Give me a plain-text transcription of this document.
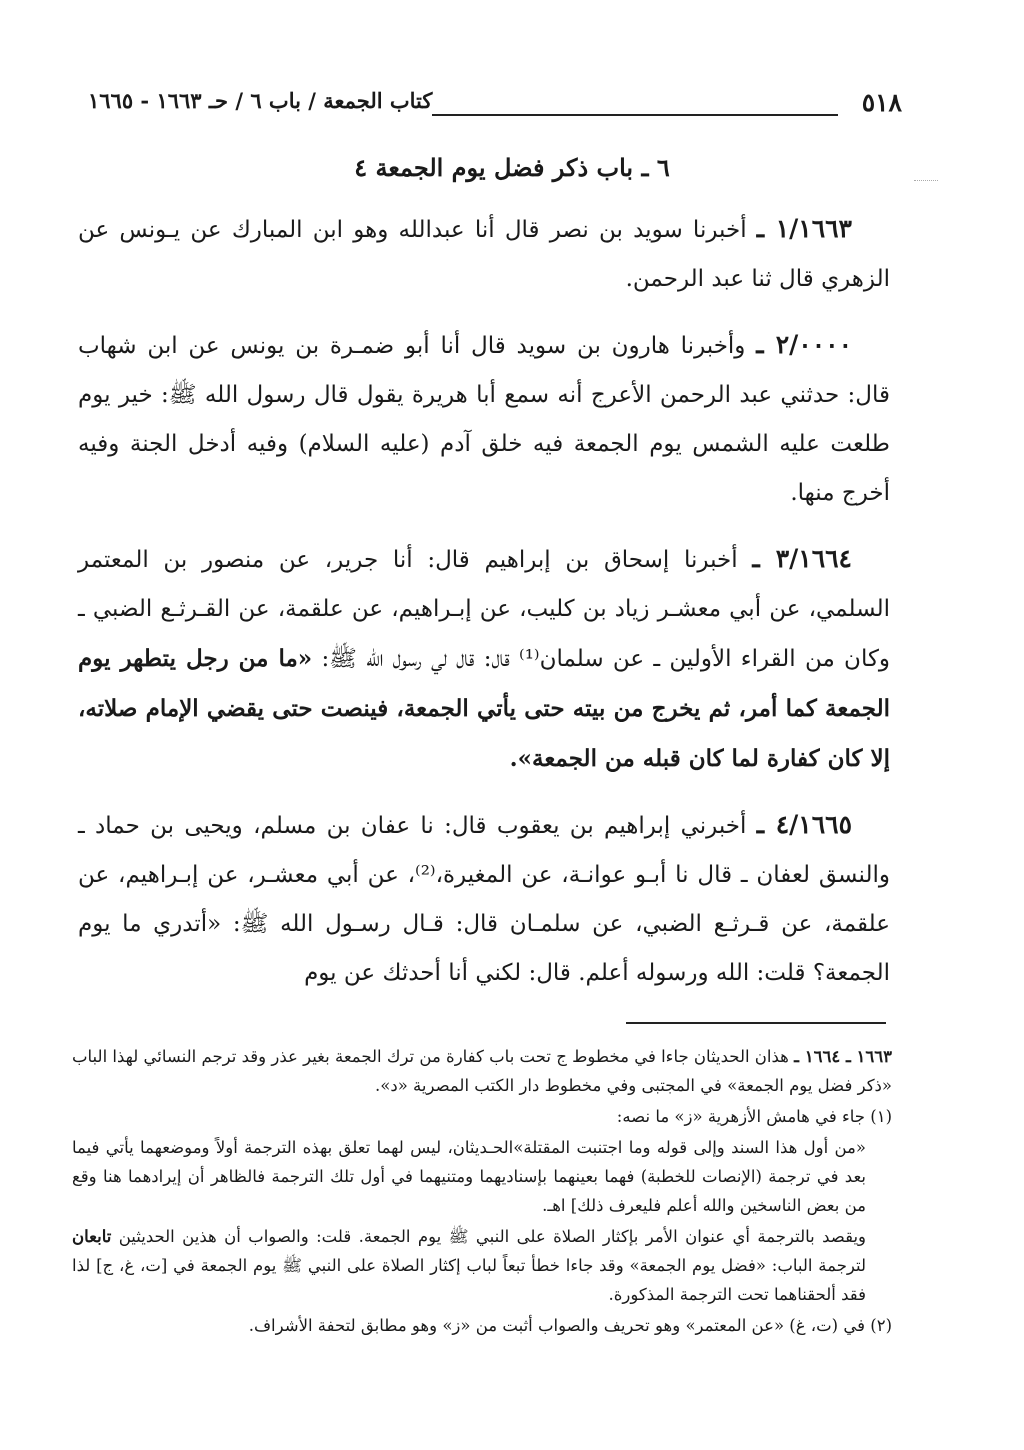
٥١٨
كتاب الجمعة / باب ٦ / حـ ١٦٦٣ - ١٦٦٥
٦ ـ باب ذكر فضل يوم الجمعة ٤

١/١٦٦٣ ـ أخبرنا سويد بن نصر قال أنا عبدالله وهو ابن المبارك عن يـونس عن الزهري قال ثنا عبد الرحمن.

٢/٠٠٠٠ ـ وأخبرنا هارون بن سويد قال أنا أبو ضمـرة بن يونس عن ابن شهاب قال: حدثني عبد الرحمن الأعرج أنه سمع أبا هريرة يقول قال رسول الله ﷺ: خير يوم طلعت عليه الشمس يوم الجمعة فيه خلق آدم (عليه السلام) وفيه أدخل الجنة وفيه أخرج منها.

٣/١٦٦٤ ـ أخبرنا إسحاق بن إبراهيم قال: أنا جرير، عن منصور بن المعتمر السلمي، عن أبي معشـر زياد بن كليب، عن إبـراهيم، عن علقمة، عن القـرثـع الضبي ـ وكان من القراء الأولين ـ عن سلمان⁽¹⁾ قال: قال لي رسول الله ﷺ: «ما من رجل يتطهر يوم الجمعة كما أمر، ثم يخرج من بيته حتى يأتي الجمعة، فينصت حتى يقضي الإمام صلاته، إلا كان كفارة لما كان قبله من الجمعة».

٤/١٦٦٥ ـ أخبرني إبراهيم بن يعقوب قال: نا عفان بن مسلم، ويحيى بن حماد ـ والنسق لعفان ـ قال نا أبـو عوانـة، عن المغيرة،⁽²⁾، عن أبي معشـر، عن إبـراهيم، عن علقمة، عن قـرثـع الضبي، عن سلمـان قال: قـال رسـول الله ﷺ: «أتدري ما يوم الجمعة؟ قلت: الله ورسوله أعلم. قال: لكني أنا أحدثك عن يوم

١٦٦٣ ـ ١٦٦٤ ـ هذان الحديثان جاءا في مخطوط ج تحت باب كفارة من ترك الجمعة بغير عذر وقد ترجم النسائي لهذا الباب «ذكر فضل يوم الجمعة» في المجتبى وفي مخطوط دار الكتب المصرية «د».

(١) جاء في هامش الأزهرية «ز» ما نصه:

«من أول هذا السند وإلى قوله وما اجتنبت المقتلة»الحـديثان، ليس لهما تعلق بهذه الترجمة أولاً وموضعهما يأتي فيما بعد في ترجمة (الإنصات للخطبة) فهما بعينهما بإسناديهما ومتنيهما في أول تلك الترجمة فالظاهر أن إيرادهما هنا وقع من بعض الناسخين والله أعلم فليعرف ذلك] اهـ.

ويقصد بالترجمة أي عنوان الأمر بإكثار الصلاة على النبي ﷺ يوم الجمعة. قلت: والصواب أن هذين الحديثين تابعان لترجمة الباب: «فضل يوم الجمعة» وقد جاءا خطأ تبعاً لباب إكثار الصلاة على النبي ﷺ يوم الجمعة في [ت، غ، ج] لذا فقد ألحقناهما تحت الترجمة المذكورة.

(٢) في (ت، غ) «عن المعتمر» وهو تحريف والصواب أثبت من «ز» وهو مطابق لتحفة الأشراف.
